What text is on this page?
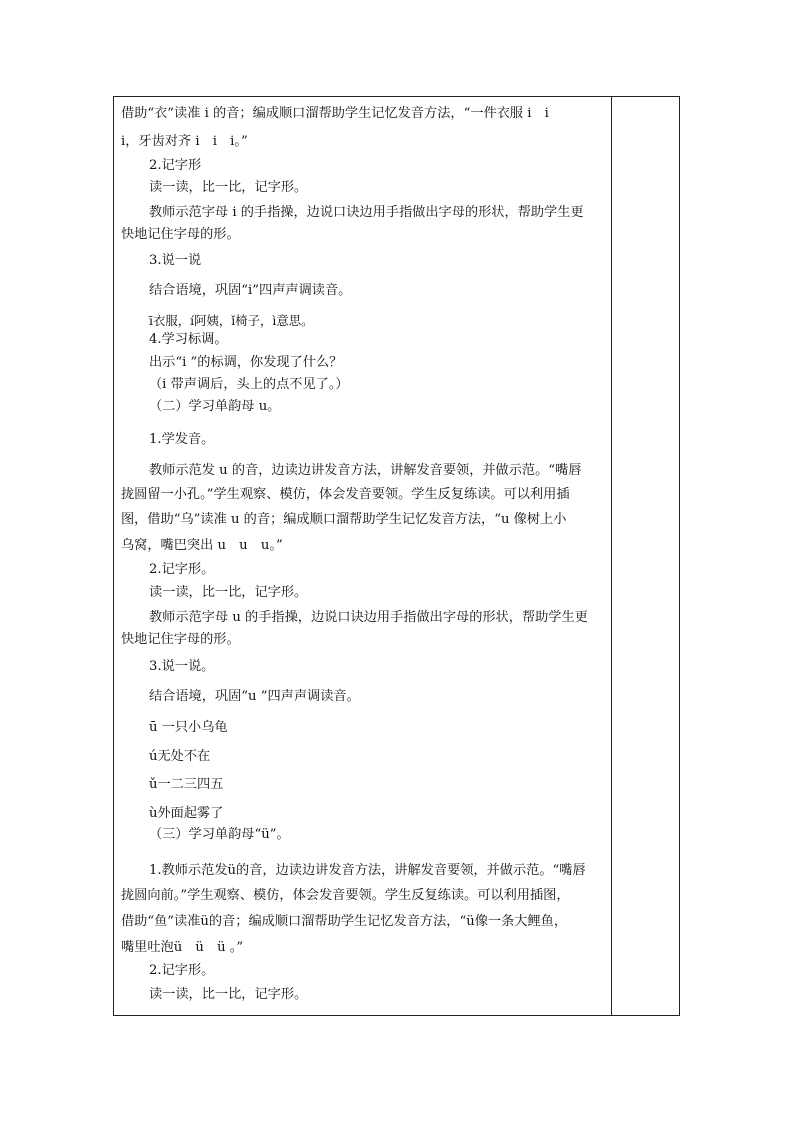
借助“衣”读准 i 的音；编成顺口溜帮助学生记忆发音方法，“一件衣服 i　i
i，牙齿对齐 i　i　i。”
2.记字形
读一读，比一比，记字形。
教师示范字母 i 的手指操，边说口诀边用手指做出字母的形状，帮助学生更
快地记住字母的形。
3.说一说
结合语境，巩固“i”四声声调读音。
ī衣服，í阿姨，ǐ椅子，ì意思。
4.学习标调。
出示“i ”的标调，你发现了什么？
（i 带声调后，头上的点不见了。）
（二）学习单韵母 u。
1.学发音。
教师示范发 u 的音，边读边讲发音方法，讲解发音要领，并做示范。“嘴唇
拢圆留一小孔。”学生观察、模仿，体会发音要领。学生反复练读。可以利用插
图，借助“乌”读准 u 的音；编成顺口溜帮助学生记忆发音方法，“u 像树上小
乌窝，嘴巴突出 u　u　u。”
2.记字形。
读一读，比一比，记字形。
教师示范字母 u 的手指操，边说口诀边用手指做出字母的形状，帮助学生更
快地记住字母的形。
3.说一说。
结合语境，巩固“u ”四声声调读音。
ū 一只小乌龟
ú无处不在
ǔ一二三四五
ù外面起雾了
（三）学习单韵母“ü”。
1.教师示范发ü的音，边读边讲发音方法，讲解发音要领，并做示范。“嘴唇
拢圆向前。”学生观察、模仿，体会发音要领。学生反复练读。可以利用插图，
借助“鱼”读准ü的音；编成顺口溜帮助学生记忆发音方法，“ü像一条大鲤鱼，
嘴里吐泡ü　ü　ü 。”
2.记字形。
读一读，比一比，记字形。
